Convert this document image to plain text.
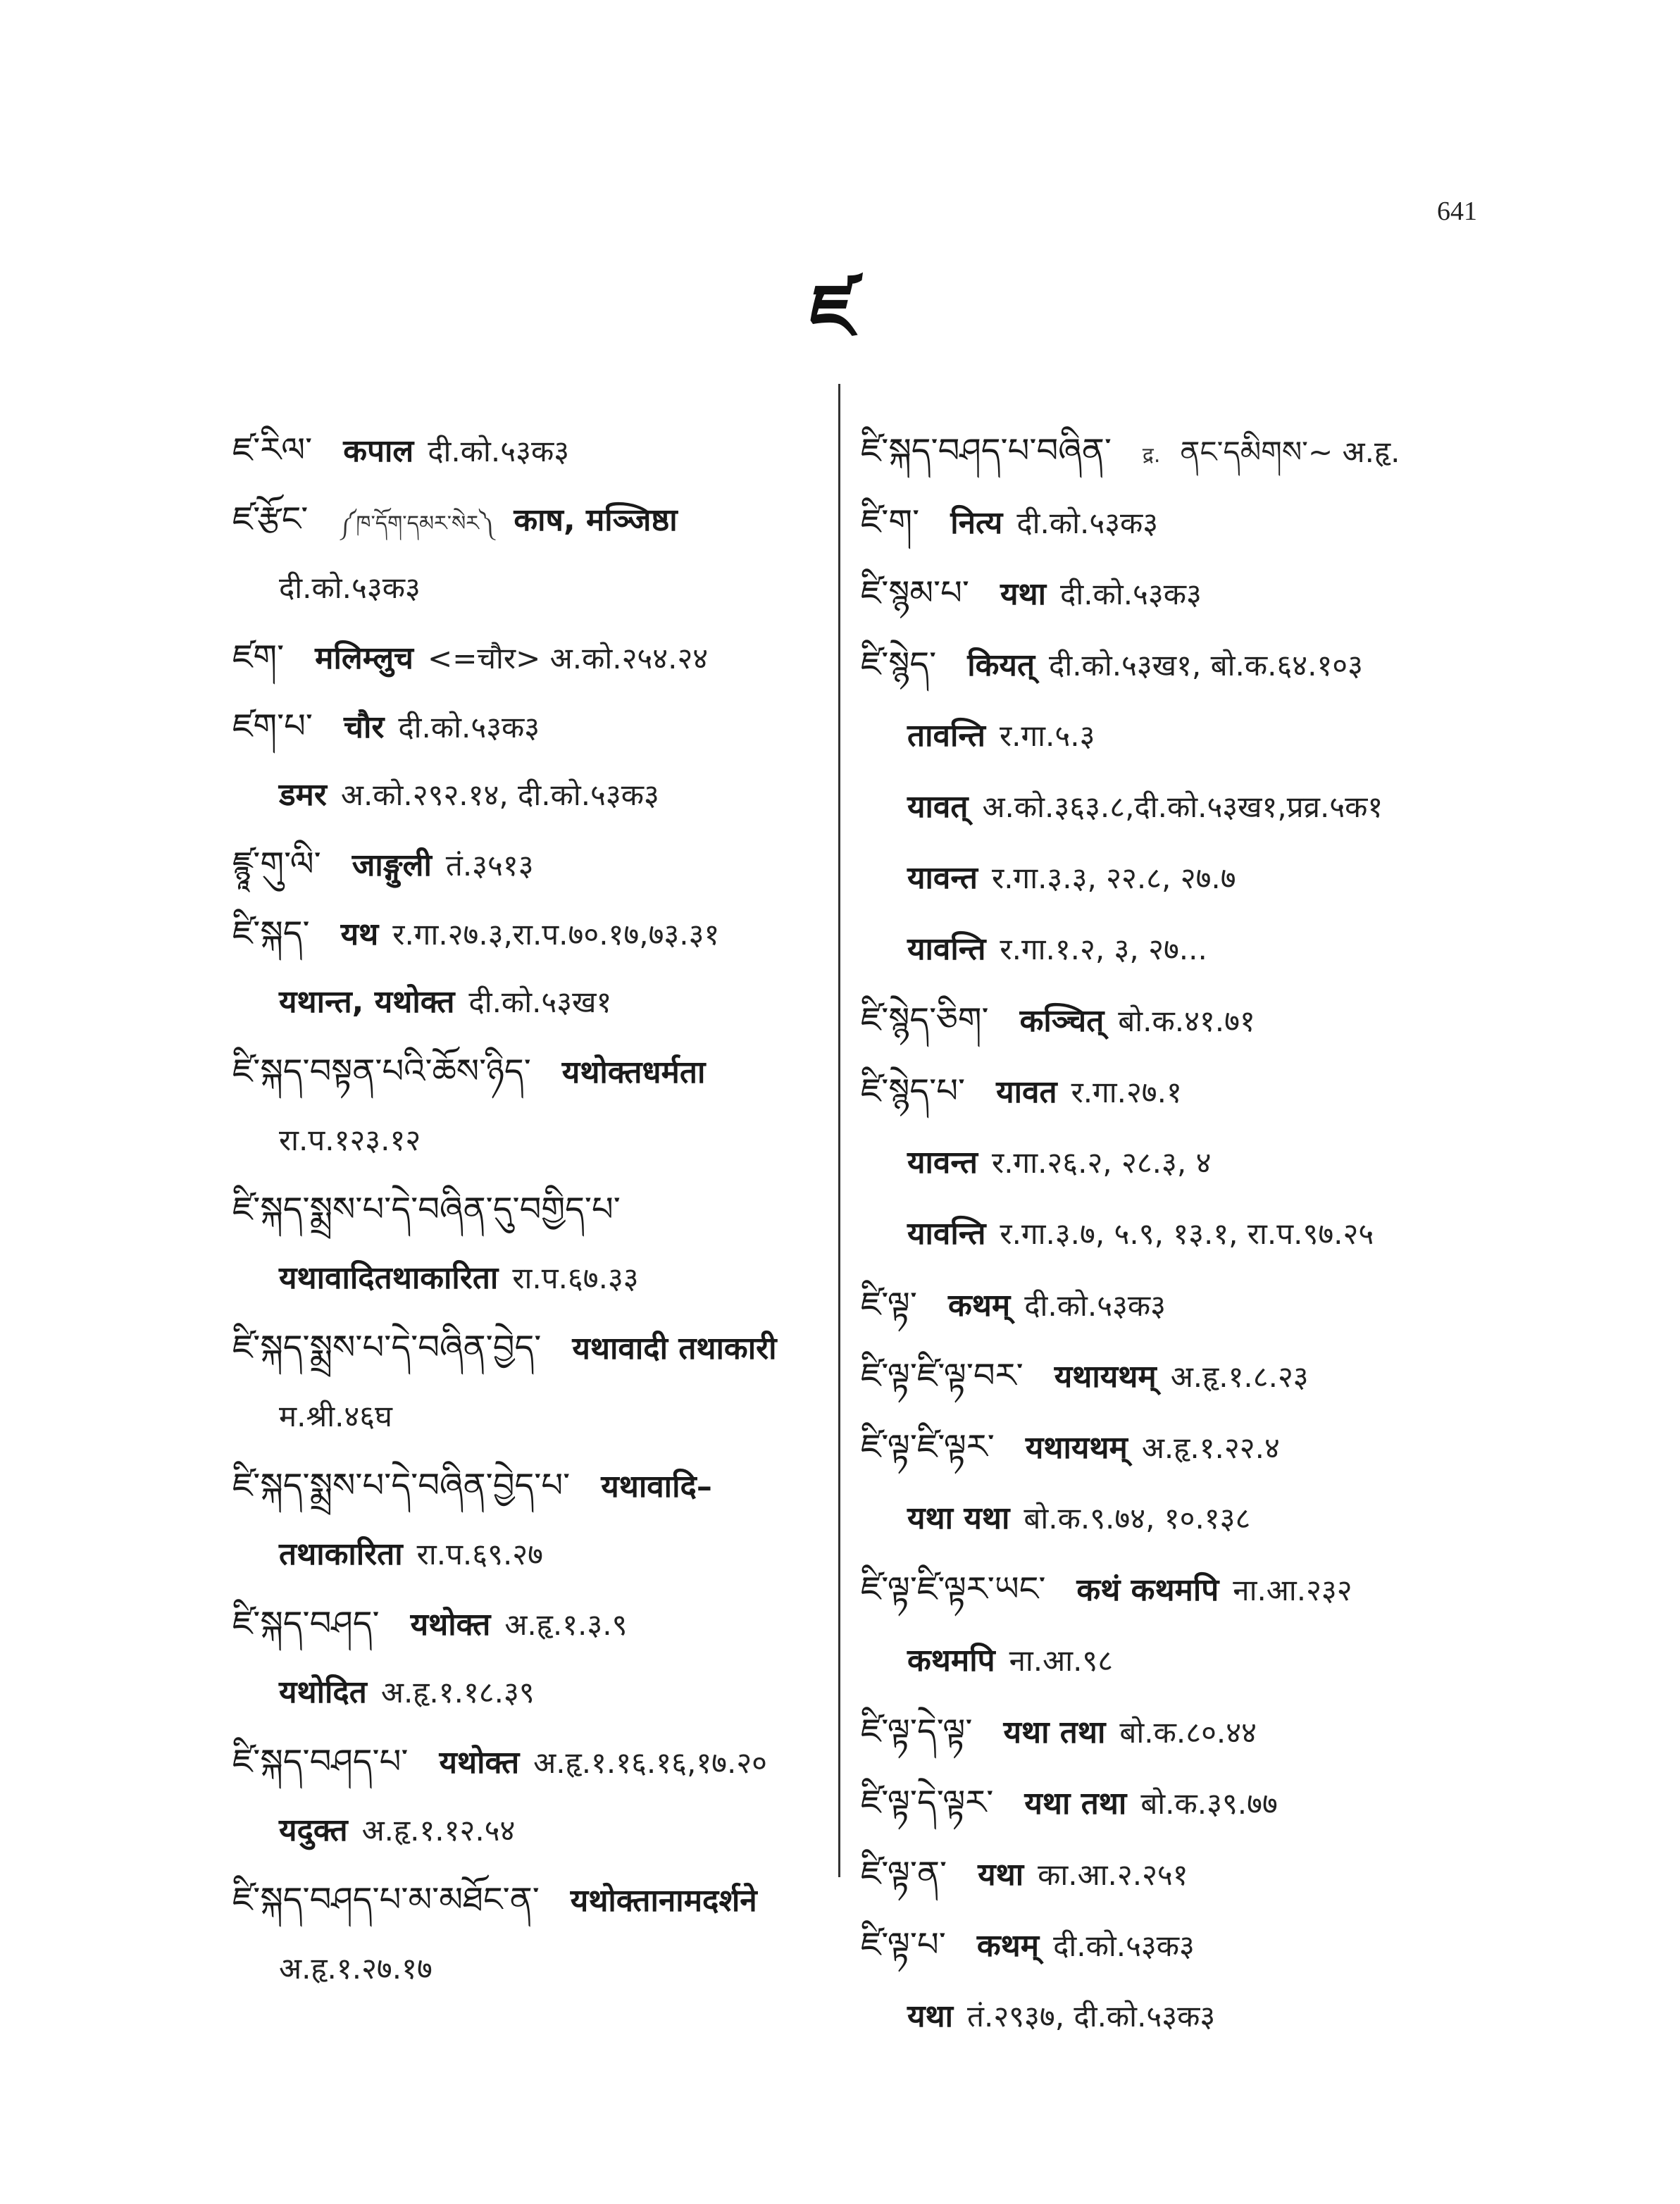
641
ཛ
ཛ་རིལ་ कपाल दी.को.५३क३
ཛ་རྩོང་ ༼ཁ་དོག་དམར་སེར༽ काष, मञ्जिष्ठा
दी.को.५३क३
ཛག་ मलिम्लुच <=चौर> अ.को.२५४.२४
ཛག་པ་ चौर दी.को.५३क३
डमर अ.को.२९२.१४, दी.को.५३क३
ཛྙཱ་གུ་ལི་ जाङ्गुली तं.३५१३
ཛི་སྐད་ यथ र.गा.२७.३,रा.प.७०.१७,७३.३१
यथान्त, यथोक्त दी.को.५३ख१
ཛི་སྐད་བསྟན་པའི་ཆོས་ཉིད་ यथोक्तधर्मता
रा.प.१२३.१२
ཛི་སྐད་སྨྲས་པ་དེ་བཞིན་དུ་བགྱིད་པ་
यथावादितथाकारिता रा.प.६७.३३
ཛི་སྐད་སྨྲས་པ་དེ་བཞིན་བྱེད་ यथावादी तथाकारी
म.श्री.४६घ
ཛི་སྐད་སྨྲས་པ་དེ་བཞིན་བྱེད་པ་ यथावादि–
तथाकारिता रा.प.६९.२७
ཛི་སྐད་བཤད་ यथोक्त अ.हृ.१.३.९
यथोदित अ.हृ.१.१८.३९
ཛི་སྐད་བཤད་པ་ यथोक्त अ.हृ.१.१६.१६,१७.२०
यदुक्त अ.हृ.१.१२.५४
ཛི་སྐད་བཤད་པ་མ་མཐོང་ན་ यथोक्तानामदर्शने
अ.हृ.१.२७.१७
ཛི་སྐད་བཤད་པ་བཞིན་ द्र. ནང་དམིགས་~ अ.हृ.
ཛི་ག་ नित्य दी.को.५३क३
ཛི་སྙམ་པ་ यथा दी.को.५३क३
ཛི་སྙེད་ कियत् दी.को.५३ख१, बो.क.६४.१०३
तावन्ति र.गा.५.३
यावत् अ.को.३६३.८,दी.को.५३ख१,प्रव्र.५क१
यावन्त र.गा.३.३, २२.८, २७.७
यावन्ति र.गा.१.२, ३, २७...
ཛི་སྙེད་ཅིག་ कञ्चित् बो.क.४१.७१
ཛི་སྙེད་པ་ यावत र.गा.२७.१
यावन्त र.गा.२६.२, २८.३, ४
यावन्ति र.गा.३.७, ५.९, १३.१, रा.प.९७.२५
ཛི་ལྟ་ कथम् दी.को.५३क३
ཛི་ལྟ་ཛི་ལྟ་བར་ यथायथम् अ.हृ.१.८.२३
ཛི་ལྟ་ཛི་ལྟར་ यथायथम् अ.हृ.१.२२.४
यथा यथा बो.क.९.७४, १०.१३८
ཛི་ལྟ་ཛི་ལྟར་ཡང་ कथं कथमपि ना.आ.२३२
कथमपि ना.आ.९८
ཛི་ལྟ་དེ་ལྟ་ यथा तथा बो.क.८०.४४
ཛི་ལྟ་དེ་ལྟར་ यथा तथा बो.क.३९.७७
ཛི་ལྟ་ན་ यथा का.आ.२.२५१
ཛི་ལྟ་པ་ कथम् दी.को.५३क३
यथा तं.२९३७, दी.को.५३क३
